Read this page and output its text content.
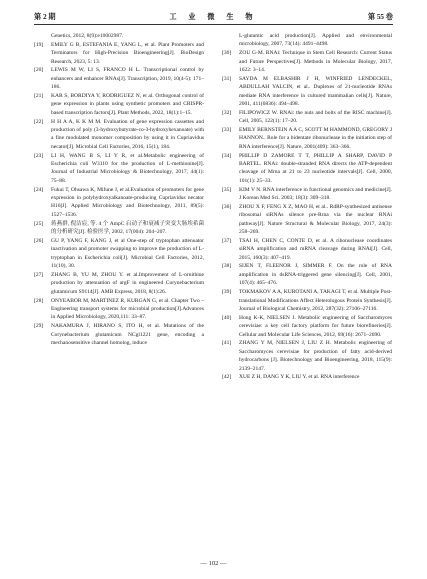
第 2 期	工 业 微 生 物	第 55 卷
Genetics, 2012, 8(9):e10002987.
[19] EMILY G B, ESTEFANIA E, YANG L, et al. Plant Promoters and Terminators for High-Precision Bioengineering[J]. BioDesign Research, 2023, 5: 13.
[20] LEWIS M W, LI S, FRANCO H L. Transcriptional control by enhancers and enhancer RNAs[J]. Transcription, 2019, 10(4-5): 171–186.
[21] KAR S, BORDIYA Y, RODRIGUEZ N, et al. Orthogonal control of gene expression in plants using synthetic promoters and CRISPR-based transcription factors[J]. Plant Methods, 2022, 18(1):1–15.
[22] H H A A, K K M M. Evaluation of gene expression cassettes and production of poly (3-hydroxybutyrate-co-3-hydroxyhexanoate) with a fine modulated monomer composition by using it in Cupriavidus necator[J]. Microbial Cell Factories, 2016, 15(1), 184.
[23] LI H, WANG B S, LI Y R, et al.Metabolic engineering of Escherichia coli W3110 for the production of L-methionine[J]. Journal of Industrial Microbiology & Biotechnology, 2017, 44(1): 75–88.
[24] Fukui T, Ohsawa K, Mifune J, et al.Evaluation of promoters for gene expression in polyhydroxyalkanoate-producing Cupriavidus necator H16[J]. Applied Microbiology and Biotechnology, 2011, 89(5): 1527–1536.
[25] 蒋燕群, 倪洁宸, 等. 4 个 AmpC 启动子和衰减子突变大肠埃希菌的分析研究[J]. 检验医学, 2002, 17(004): 204–207.
[26] GU P, YANG F, KANG J, et al One-step of tryptophan attenuator inactivation and promoter swapping to improve the production of L-tryptophan in Escherichia coli[J]. Microbial Cell Factories, 2012, 11(10), 30.
[27] ZHANG B, YU M, ZHOU Y. et al.Improvement of L-ornithine production by attenuation of argF in engineered Corynebacterium glutamicum S9114[J]. AMB Express, 2018, 8(1):26.
[28] ONYEABOR M, MARTINEZ R, KURGAN G, et al. Chapter Two – Engineering transport systems for microbial production[J].Advances in Applied Microbiology, 2020,111: 33–87.
[29] NAKAMURA J, HIRANO S, ITO H, et al. Mutations of the Corynebacterium glutamicum NCgl1221 gene, encoding a mechanosensitive channel homolog, induce
L-glutamic acid production[J]. Applied and environmental microbiology, 2007, 73(14): 4491–4498.
[30] ZOU G-M. RNAi: Technique in Stem Cell Research: Current Status and Future Perspectives[J]. Methods in Molecular Biology, 2017, 1622: 3–14.
[31] SAYDA M ELBASHIR J H, WINFRIED LENDECKEL, ABDULLAH YALCIN, et al.. Duplexes of 21-nucleotide RNAs mediate RNA interference in cultured mammalian cells[J]. Nature, 2001, 411(6836): 494–498.
[32] FILIPOWICZ W. RNAi: the nuts and bolts of the RISC machine[J]. Cell, 2005, 122(1): 17–20.
[33] EMILY BERNSTEIN A A C, SCOTT M HAMMOND, GREGORY J HANNON.. Role for a bidentate ribonuclease in the initiation step of RNA interference[J]. Nature, 2001(409): 363–366.
[34] PHILLIP D ZAMORE T T, PHILLIP A SHARP, DAVID P BARTEL. RNAi: double-stranded RNA directs the ATP-dependent cleavage of Mrna at 21 to 23 nucleotide intervals[J]. Cell, 2000, 101(1): 25–33.
[35] KIM V N. RNA interference in functional genomics and medicine[J]. J Korean Med Sci. 2003; 18(3): 309–318.
[36] ZHOU X F, FENG X Z, MAO H, et al.. RdRP-synthesized antisense ribosomal siRNAs silence pre-Rrna via the nuclear RNAi pathway[J]. Nature Structural & Molecular Biology, 2017, 24(3): 258–269.
[37] TSAI H, CHEN C, CONTE D, et al. A ribonuclease coordinates siRNA amplification and mRNA cleavage during RNAi[J]. Cell, 2015, 160(3): 407–419.
[38] SIJEN T, FLEENOR J, SIMMER F. On the role of RNA amplification in dsRNA-triggered gene silencing[J]. Cell, 2001, 107(4): 465–476.
[39] TOKMAKOV A A, KUROTANI A, TAKAGI T, et al. Multiple Post-translational Modifications Affect Heterologous Protein Synthesis[J]. Journal of Biological Chemistry, 2012, 287(32): 27106–27116.
[40] Hong K-K, NIELSEN J. Metabolic engineering of Saccharomyces cerevisiae: a key cell factory platform for future biorefineries[J]. Cellular and Molecular Life Sciences, 2012, 69(16): 2671–2690.
[41] ZHANG Y M, NIELSEN J, LIU Z H. Metabolic engineering of Saccharomyces cerevisiae for production of fatty acid-derived hydrocarbons [J]. Biotechnology and Bioengineering, 2018, 115(9): 2139–2147.
[42] XUE Z H, DANG Y K, LIU Y, et al. RNA interference
— 102 —
